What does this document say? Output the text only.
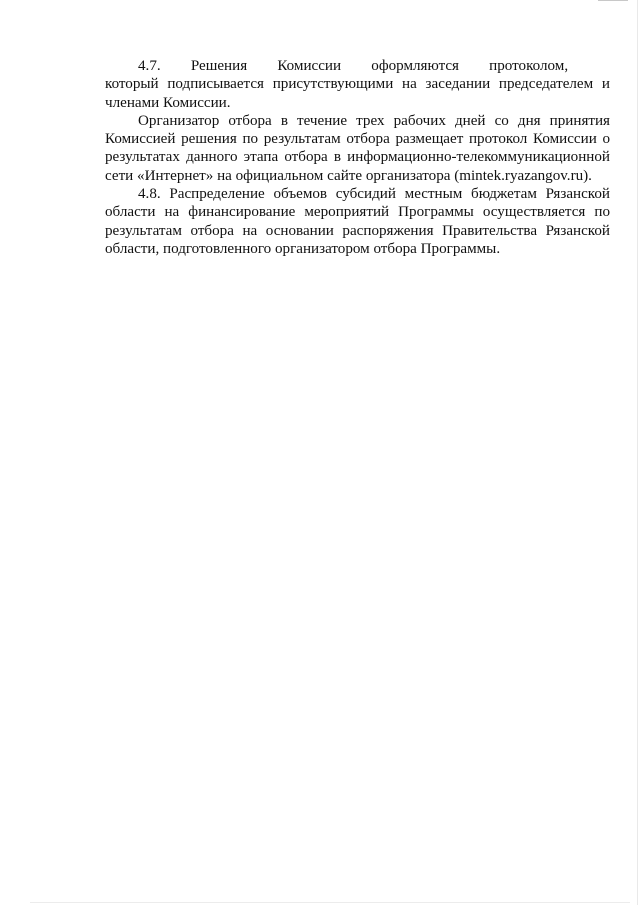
4.7.  Решения  Комиссии  оформляются  протоколом,  который подписывается присутствующими на заседании председателем и членами Комиссии.

Организатор отбора в течение трех рабочих дней со дня принятия Комиссией решения по результатам отбора размещает протокол Комиссии о результатах данного этапа отбора в информационно-телекоммуникационной сети «Интернет» на официальном сайте организатора (mintek.ryazangov.ru).

4.8. Распределение объемов субсидий местным бюджетам Рязанской области на финансирование мероприятий Программы осуществляется по результатам отбора на основании распоряжения Правительства Рязанской области, подготовленного организатором отбора Программы.
